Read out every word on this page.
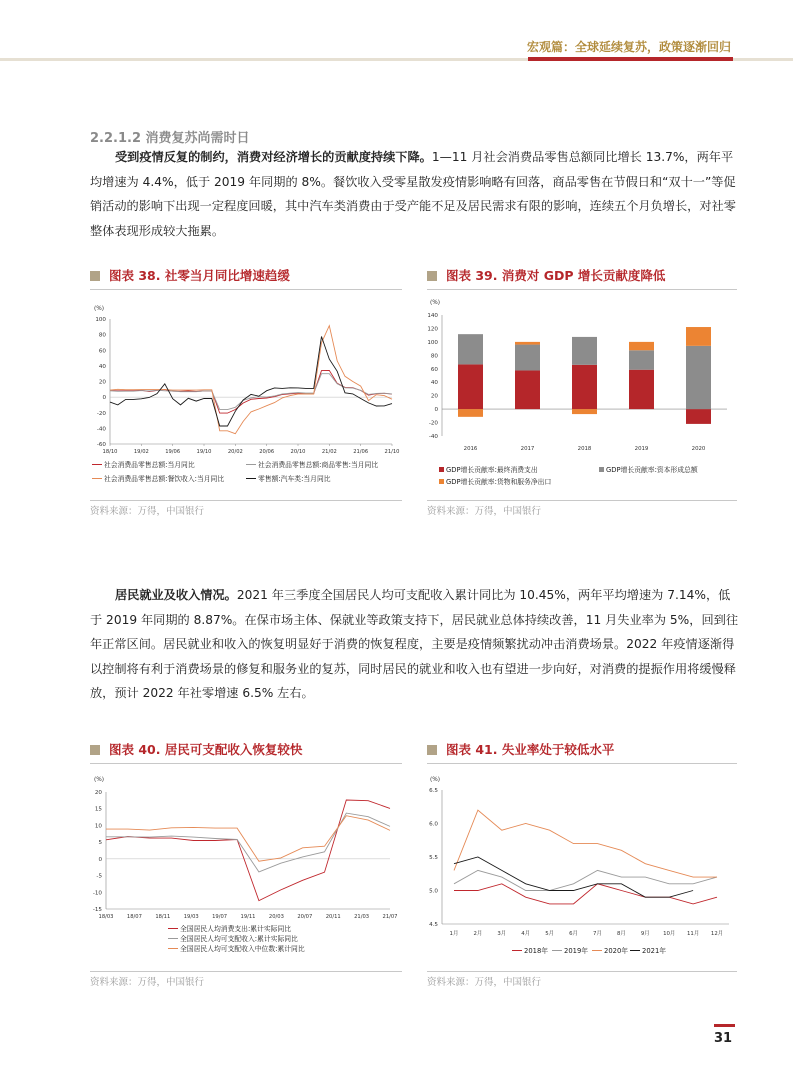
宏观篇：全球延续复苏，政策逐渐回归
2.2.1.2 消费复苏尚需时日
受到疫情反复的制约，消费对经济增长的贡献度持续下降。1—11 月社会消费品零售总额同比增长 13.7%，两年平均增速为 4.4%，低于 2019 年同期的 8%。餐饮收入受零星散发疫情影响略有回落，商品零售在节假日和“双十一”等促销活动的影响下出现一定程度回暖，其中汽车类消费由于受产能不足及居民需求有限的影响，连续五个月负增长，对社零整体表现形成较大拖累。
图表 38. 社零当月同比增速趋缓
(%)
-60
-40
-20
0
20
40
60
80
100
18/10	19/02	19/06	19/10	20/02	20/06	20/10	21/02	21/06	21/10
社会消费品零售总额:当月同比	社会消费品零售总额:商品零售:当月同比
社会消费品零售总额:餐饮收入:当月同比	零售额:汽车类:当月同比
资料来源：万得，中国银行
图表 39. 消费对 GDP 增长贡献度降低
(%)
-40
-20
0
20
40
60
80
100
120
140
2016	2017	2018	2019	2020
GDP增长贡献率:最终消费支出	GDP增长贡献率:资本形成总额
GDP增长贡献率:货物和服务净出口
资料来源：万得，中国银行
居民就业及收入情况。2021 年三季度全国居民人均可支配收入累计同比为 10.45%，两年平均增速为 7.14%，低于 2019 年同期的 8.87%。在保市场主体、保就业等政策支持下，居民就业总体持续改善，11 月失业率为 5%，回到往年正常区间。居民就业和收入的恢复明显好于消费的恢复程度，主要是疫情频繁扰动冲击消费场景。2022 年疫情逐渐得以控制将有利于消费场景的修复和服务业的复苏，同时居民的就业和收入也有望进一步向好，对消费的提振作用将缓慢释放，预计 2022 年社零增速 6.5% 左右。
图表 40. 居民可支配收入恢复较快
(%)
-15
-10
-5
0
5
10
15
20
18/03	18/07	18/11	19/03	19/07	19/11	20/03	20/07	20/11	21/03	21/07
全国居民人均消费支出:累计实际同比
全国居民人均可支配收入:累计实际同比
全国居民人均可支配收入中位数:累计同比
资料来源：万得，中国银行
图表 41. 失业率处于较低水平
(%)
4.5
5.0
5.5
6.0
6.5
1月	2月	3月	4月	5月	6月	7月	8月	9月 10月 11月 12月
2018年 2019年 2020年 2021年
资料来源：万得，中国银行
31
